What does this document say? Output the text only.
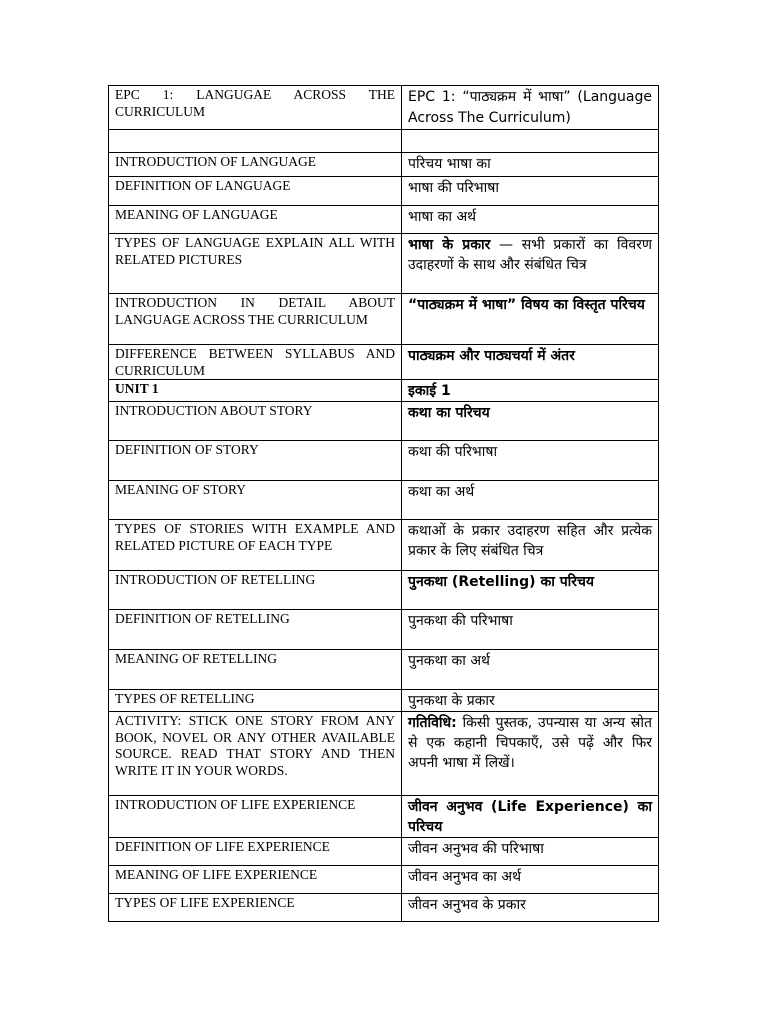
EPC 1: LANGUGAE ACROSS THE CURRICULUM	EPC 1: “पाठ्यक्रम में भाषा” (Language Across The Curriculum)

INTRODUCTION OF LANGUAGE	परिचय भाषा का
DEFINITION OF LANGUAGE	भाषा की परिभाषा
MEANING OF LANGUAGE	भाषा का अर्थ
TYPES OF LANGUAGE EXPLAIN ALL WITH RELATED PICTURES	भाषा के प्रकार — सभी प्रकारों का विवरण उदाहरणों के साथ और संबंधित चित्र
INTRODUCTION IN DETAIL ABOUT LANGUAGE ACROSS THE CURRICULUM	“पाठ्यक्रम में भाषा” विषय का विस्तृत परिचय
DIFFERENCE BETWEEN SYLLABUS AND CURRICULUM	पाठ्यक्रम और पाठ्यचर्या में अंतर
UNIT 1	इकाई 1
INTRODUCTION ABOUT STORY	कथा का परिचय
DEFINITION OF STORY	कथा की परिभाषा
MEANING OF STORY	कथा का अर्थ
TYPES OF STORIES WITH EXAMPLE AND RELATED PICTURE OF EACH TYPE	कथाओं के प्रकार उदाहरण सहित और प्रत्येक प्रकार के लिए संबंधित चित्र
INTRODUCTION OF RETELLING	पुनकथा (Retelling) का परिचय
DEFINITION OF RETELLING	पुनकथा की परिभाषा
MEANING OF RETELLING	पुनकथा का अर्थ
TYPES OF RETELLING	पुनकथा के प्रकार
ACTIVITY: STICK ONE STORY FROM ANY BOOK, NOVEL OR ANY OTHER AVAILABLE SOURCE. READ THAT STORY AND THEN WRITE IT IN YOUR WORDS.	गतिविधि: किसी पुस्तक, उपन्यास या अन्य स्रोत से एक कहानी चिपकाएँ, उसे पढ़ें और फिर अपनी भाषा में लिखें।
INTRODUCTION OF LIFE EXPERIENCE	जीवन अनुभव (Life Experience) का परिचय
DEFINITION OF LIFE EXPERIENCE	जीवन अनुभव की परिभाषा
MEANING OF LIFE EXPERIENCE	जीवन अनुभव का अर्थ
TYPES OF LIFE EXPERIENCE	जीवन अनुभव के प्रकार
